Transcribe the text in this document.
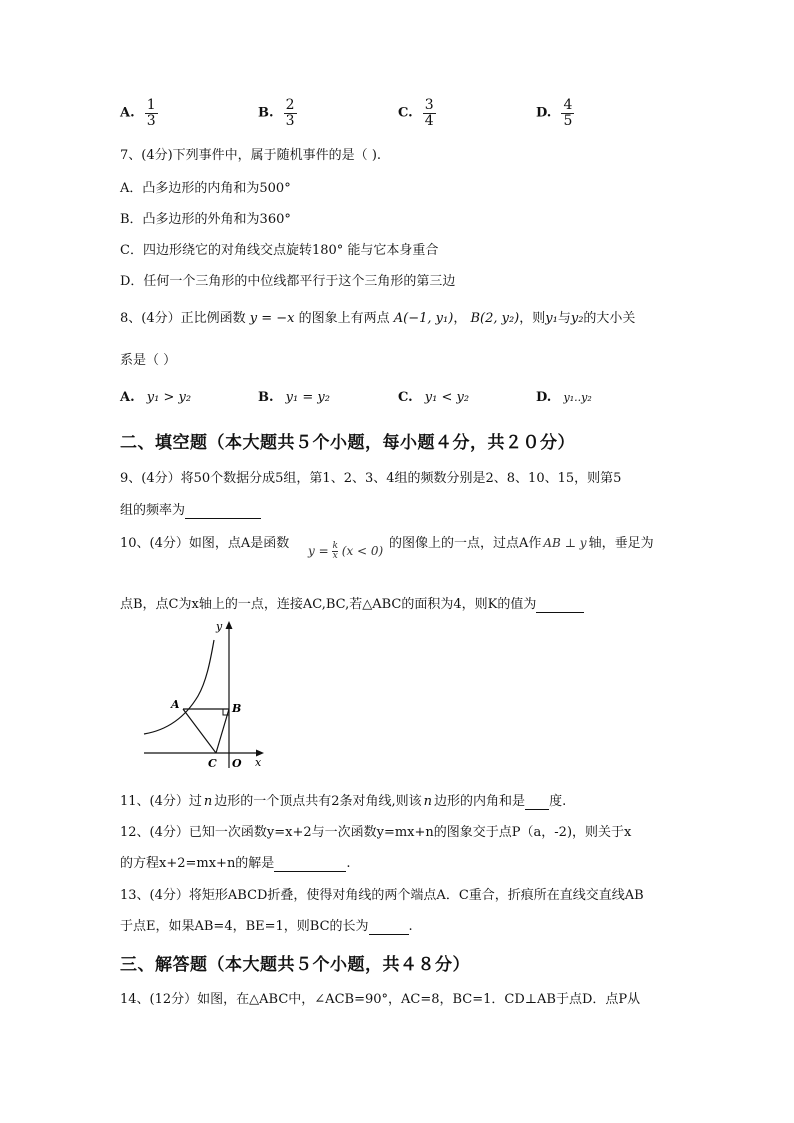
A. $\frac{1}{3}$	B. $\frac{2}{3}$	C. $\frac{3}{4}$	D. $\frac{4}{5}$
7、(4分)下列事件中，属于随机事件的是（ ).
A．凸多边形的内角和为500°
B．凸多边形的外角和为360°
C．四边形绕它的对角线交点旋转180° 能与它本身重合
D．任何一个三角形的中位线都平行于这个三角形的第三边
8、(4分）正比例函数 y = −x 的图象上有两点 A(−1, y₁)， B(2, y₂)，则y₁与y₂的大小关
系是（ ）
A. y₁ > y₂	B. y₁ = y₂	C. y₁ < y₂	D. y₁..y₂
二、填空题（本大题共５个小题，每小题４分，共２０分）
9、(4分）将50个数据分成5组，第1、2、3、4组的频数分别是2、8、10、15，则第5
组的频率为
10、(4分）如图，点A是函数 $y = \frac{k}{x} (x < 0)$ 的图像上的一点，过点A作 AB ⊥ y 轴，垂足为
点B，点C为x轴上的一点，连接AC,BC,若△ABC的面积为4，则K的值为
y
x
A	B
C O
11、(4分）过 n 边形的一个顶点共有2条对角线,则该 n 边形的内角和是 度.
12、(4分）已知一次函数y=x+2与一次函数y=mx+n的图象交于点P（a，-2)，则关于x
的方程x+2=mx+n的解是	.
13、(4分）将矩形ABCD折叠，使得对角线的两个端点A．C重合，折痕所在直线交直线AB
于点E，如果AB=4，BE=1，则BC的长为	.
三、解答题（本大题共５个小题，共４８分）
14、(12分）如图，在△ABC中，∠ACB=90°，AC=8，BC=1．CD⊥AB于点D．点P从
